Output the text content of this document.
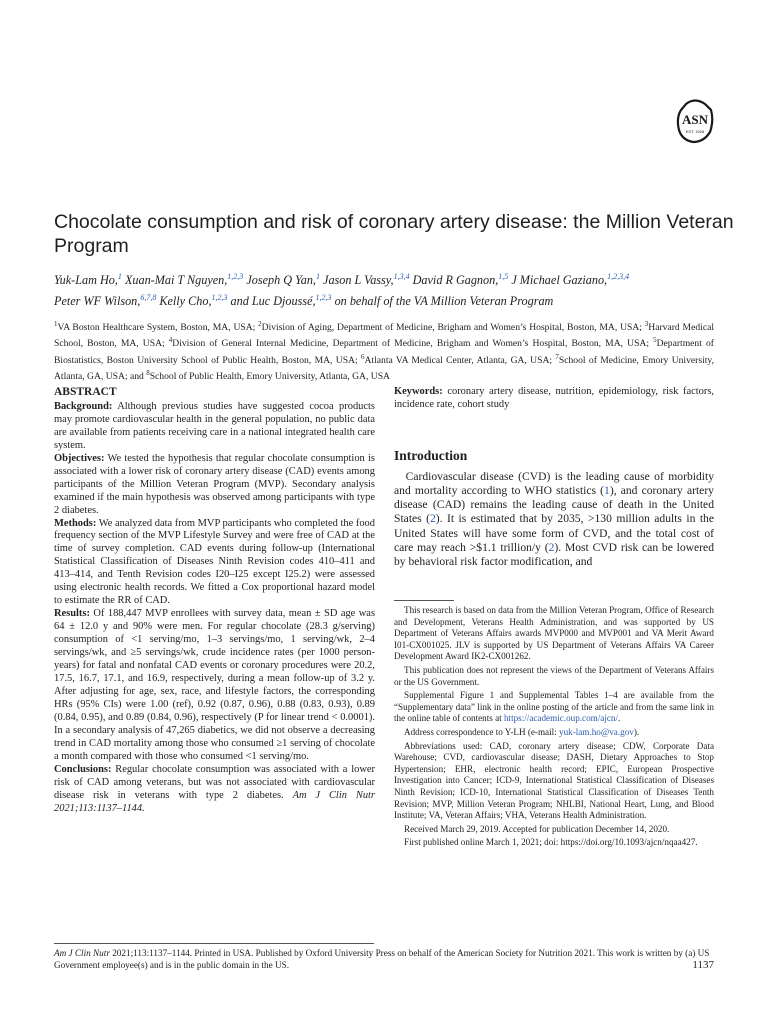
ASN
EST. 1928
Chocolate consumption and risk of coronary artery disease: the Million Veteran Program
Yuk-Lam Ho,$^1$ Xuan-Mai T Nguyen,$^{1,2,3}$ Joseph Q Yan,$^1$ Jason L Vassy,$^{1,3,4}$ David R Gagnon,$^{1,5}$ J Michael Gaziano,$^{1,2,3,4}$
Peter WF Wilson,$^{6,7,8}$ Kelly Cho,$^{1,2,3}$ and Luc Djoussé,$^{1,2,3}$ on behalf of the VA Million Veteran Program
$^1$VA Boston Healthcare System, Boston, MA, USA; $^2$Division of Aging, Department of Medicine, Brigham and Women’s Hospital, Boston, MA, USA; $^3$Harvard Medical School, Boston, MA, USA; $^4$Division of General Internal Medicine, Department of Medicine, Brigham and Women’s Hospital, Boston, MA, USA; $^5$Department of Biostatistics, Boston University School of Public Health, Boston, MA, USA; $^6$Atlanta VA Medical Center, Atlanta, GA, USA; $^7$School of Medicine, Emory University, Atlanta, GA, USA; and $^8$School of Public Health, Emory University, Atlanta, GA, USA
ABSTRACT

Background: Although previous studies have suggested cocoa products may promote cardiovascular health in the general population, no public data are available from patients receiving care in a national integrated health care system.

Objectives: We tested the hypothesis that regular chocolate consumption is associated with a lower risk of coronary artery disease (CAD) events among participants of the Million Veteran Program (MVP). Secondary analysis examined if the main hypothesis was observed among participants with type 2 diabetes.

Methods: We analyzed data from MVP participants who completed the food frequency section of the MVP Lifestyle Survey and were free of CAD at the time of survey completion. CAD events during follow-up (International Statistical Classification of Diseases Ninth Revision codes 410–411 and 413–414, and Tenth Revision codes I20–I25 except I25.2) were assessed using electronic health records. We fitted a Cox proportional hazard model to estimate the RR of CAD.

Results: Of 188,447 MVP enrollees with survey data, mean ± SD age was 64 ± 12.0 y and 90% were men. For regular chocolate (28.3 g/serving) consumption of <1 serving/mo, 1–3 servings/mo, 1 serving/wk, 2–4 servings/wk, and ≥5 servings/wk, crude incidence rates (per 1000 person-years) for fatal and nonfatal CAD events or coronary procedures were 20.2, 17.5, 16.7, 17.1, and 16.9, respectively, during a mean follow-up of 3.2 y. After adjusting for age, sex, race, and lifestyle factors, the corresponding HRs (95% CIs) were 1.00 (ref), 0.92 (0.87, 0.96), 0.88 (0.83, 0.93), 0.89 (0.84, 0.95), and 0.89 (0.84, 0.96), respectively (P for linear trend < 0.0001). In a secondary analysis of 47,265 diabetics, we did not observe a decreasing trend in CAD mortality among those who consumed ≥1 serving of chocolate a month compared with those who consumed <1 serving/mo.

Conclusions: Regular chocolate consumption was associated with a lower risk of CAD among veterans, but was not associated with cardiovascular disease risk in veterans with type 2 diabetes. Am J Clin Nutr 2021;113:1137–1144.

Keywords: coronary artery disease, nutrition, epidemiology, risk factors, incidence rate, cohort study

Introduction

 Cardiovascular disease (CVD) is the leading cause of morbidity and mortality according to WHO statistics (1), and coronary artery disease (CAD) remains the leading cause of death in the United States (2). It is estimated that by 2035, >130 million adults in the United States will have some form of CVD, and the total cost of care may reach >$1.1 trillion/y (2). Most CVD risk can be lowered by behavioral risk factor modification, and

This research is based on data from the Million Veteran Program, Office of Research and Development, Veterans Health Administration, and was supported by US Department of Veterans Affairs awards MVP000 and MVP001 and VA Merit Award I01-CX001025. JLV is supported by US Department of Veterans Affairs VA Career Development Award IK2-CX001262.

This publication does not represent the views of the Department of Veterans Affairs or the US Government.

Supplemental Figure 1 and Supplemental Tables 1–4 are available from the “Supplementary data” link in the online posting of the article and from the same link in the online table of contents at https://academic.oup.com/ajcn/.

Address correspondence to Y-LH (e-mail: yuk-lam.ho@va.gov).

Abbreviations used: CAD, coronary artery disease; CDW, Corporate Data Warehouse; CVD, cardiovascular disease; DASH, Dietary Approaches to Stop Hypertension; EHR, electronic health record; EPIC, European Prospective Investigation into Cancer; ICD-9, International Statistical Classification of Diseases Ninth Revision; ICD-10, International Statistical Classification of Diseases Tenth Revision; MVP, Million Veteran Program; NHLBI, National Heart, Lung, and Blood Institute; VA, Veteran Affairs; VHA, Veterans Health Administration.

Received March 29, 2019. Accepted for publication December 14, 2020.

First published online March 1, 2021; doi: https://doi.org/10.1093/ajcn/nqaa427.

Am J Clin Nutr 2021;113:1137–1144. Printed in USA. Published by Oxford University Press on behalf of the American Society for Nutrition 2021. This work is written by (a) US Government employee(s) and is in the public domain in the US.	1137
